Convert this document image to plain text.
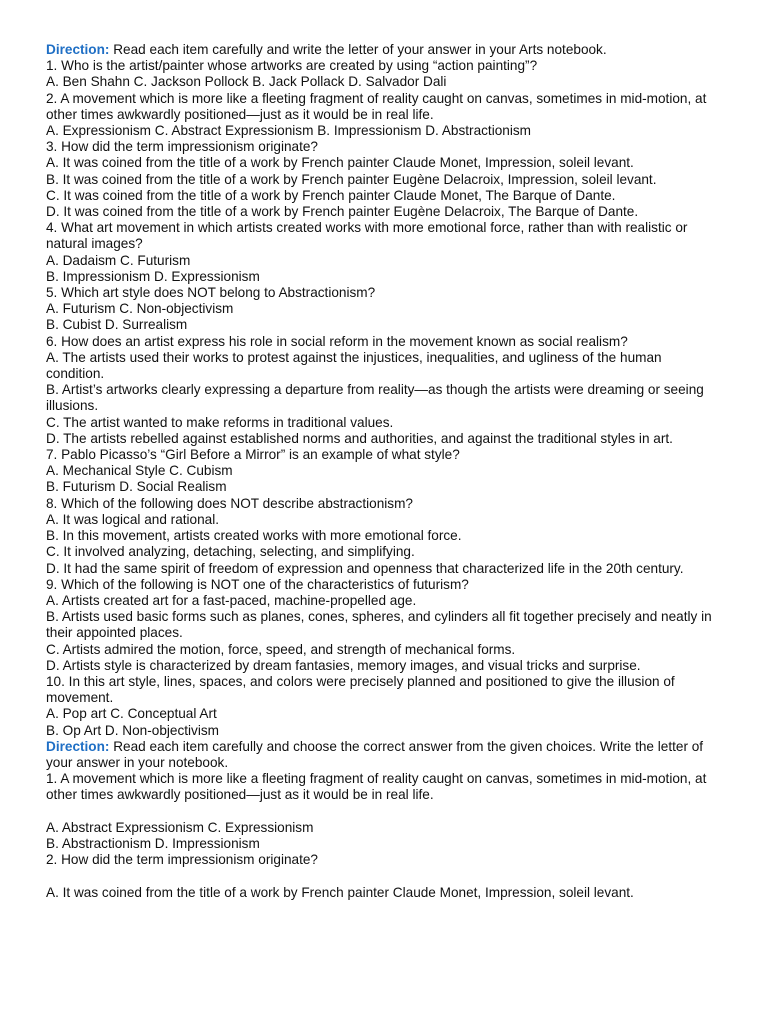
Direction: Read each item carefully and write the letter of your answer in your Arts notebook.
1. Who is the artist/painter whose artworks are created by using “action painting”?
A. Ben Shahn C. Jackson Pollock B. Jack Pollack D. Salvador Dali
2. A movement which is more like a fleeting fragment of reality caught on canvas, sometimes in mid-motion, at other times awkwardly positioned—just as it would be in real life.
A. Expressionism C. Abstract Expressionism B. Impressionism D. Abstractionism
3. How did the term impressionism originate?
A. It was coined from the title of a work by French painter Claude Monet, Impression, soleil levant.
B. It was coined from the title of a work by French painter Eugène Delacroix, Impression, soleil levant.
C. It was coined from the title of a work by French painter Claude Monet, The Barque of Dante.
D. It was coined from the title of a work by French painter Eugène Delacroix, The Barque of Dante.
4. What art movement in which artists created works with more emotional force, rather than with realistic or natural images?
A. Dadaism C. Futurism
B. Impressionism D. Expressionism
5. Which art style does NOT belong to Abstractionism?
A. Futurism C. Non-objectivism
B. Cubist D. Surrealism
6. How does an artist express his role in social reform in the movement known as social realism?
A. The artists used their works to protest against the injustices, inequalities, and ugliness of the human condition.
B. Artist’s artworks clearly expressing a departure from reality—as though the artists were dreaming or seeing illusions.
C. The artist wanted to make reforms in traditional values.
D. The artists rebelled against established norms and authorities, and against the traditional styles in art.
7. Pablo Picasso’s “Girl Before a Mirror” is an example of what style?
A. Mechanical Style C. Cubism
B. Futurism D. Social Realism
8. Which of the following does NOT describe abstractionism?
A. It was logical and rational.
B. In this movement, artists created works with more emotional force.
C. It involved analyzing, detaching, selecting, and simplifying.
D. It had the same spirit of freedom of expression and openness that characterized life in the 20th century.
9. Which of the following is NOT one of the characteristics of futurism?
A. Artists created art for a fast-paced, machine-propelled age.
B. Artists used basic forms such as planes, cones, spheres, and cylinders all fit together precisely and neatly in their appointed places.
C. Artists admired the motion, force, speed, and strength of mechanical forms.
D. Artists style is characterized by dream fantasies, memory images, and visual tricks and surprise.
10. In this art style, lines, spaces, and colors were precisely planned and positioned to give the illusion of movement.
A. Pop art C. Conceptual Art
B. Op Art D. Non-objectivism
Direction: Read each item carefully and choose the correct answer from the given choices. Write the letter of your answer in your notebook.
1. A movement which is more like a fleeting fragment of reality caught on canvas, sometimes in mid-motion, at other times awkwardly positioned—just as it would be in real life.
A. Abstract Expressionism C. Expressionism
B. Abstractionism D. Impressionism
2. How did the term impressionism originate?
A. It was coined from the title of a work by French painter Claude Monet, Impression, soleil levant.
